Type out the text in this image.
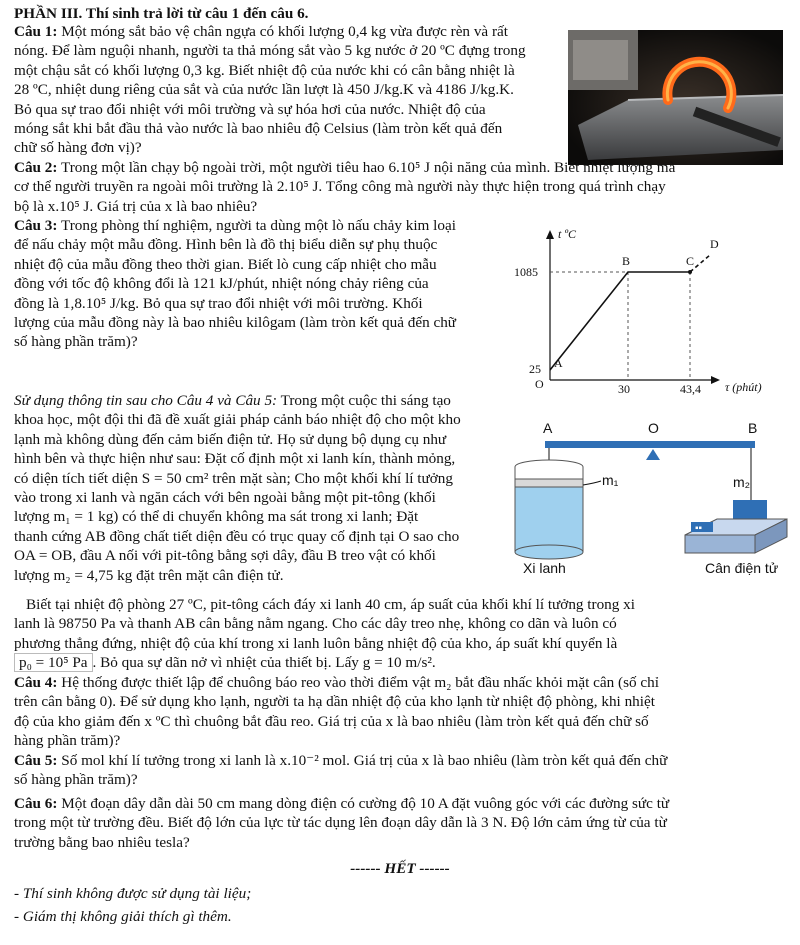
PHẦN III. Thí sinh trả lời từ câu 1 đến câu 6.
Câu 1: Một móng sắt bảo vệ chân ngựa có khối lượng 0,4 kg vừa được rèn và rất
nóng. Để làm nguội nhanh, người ta thả móng sắt vào 5 kg nước ở 20 ºC đựng trong
một chậu sắt có khối lượng 0,3 kg. Biết nhiệt độ của nước khi có cân bằng nhiệt là
28 ºC, nhiệt dung riêng của sắt và của nước lần lượt là 450 J/kg.K và 4186 J/kg.K.
Bỏ qua sự trao đổi nhiệt với môi trường và sự hóa hơi của nước. Nhiệt độ của
móng sắt khi bắt đầu thả vào nước là bao nhiêu độ Celsius (làm tròn kết quả đến
chữ số hàng đơn vị)?
Câu 2: Trong một lần chạy bộ ngoài trời, một người tiêu hao 6.10⁵ J nội năng của mình. Biết nhiệt lượng mà
cơ thể người truyền ra ngoài môi trường là 2.10⁵ J. Tổng công mà người này thực hiện trong quá trình chạy
bộ là x.10⁵ J. Giá trị của x là bao nhiêu?
Câu 3: Trong phòng thí nghiệm, người ta dùng một lò nấu chảy kim loại
để nấu chảy một mẫu đồng. Hình bên là đồ thị biểu diễn sự phụ thuộc
nhiệt độ của mẫu đồng theo thời gian. Biết lò cung cấp nhiệt cho mẫu
đồng với tốc độ không đổi là 121 kJ/phút, nhiệt nóng chảy riêng của
đồng là 1,8.10⁵ J/kg. Bỏ qua sự trao đổi nhiệt với môi trường. Khối
lượng của mẫu đồng này là bao nhiêu kilôgam (làm tròn kết quả đến chữ
số hàng phần trăm)?
t ºC
τ (phút)
O
1085
25
30	43,4
A
B	C
D
Sử dụng thông tin sau cho Câu 4 và Câu 5: Trong một cuộc thi sáng tạo
khoa học, một đội thi đã đề xuất giải pháp cảnh báo nhiệt độ cho một kho
lạnh mà không dùng đến cảm biến điện tử. Họ sử dụng bộ dụng cụ như
hình bên và thực hiện như sau: Đặt cố định một xi lanh kín, thành mỏng,
có diện tích tiết diện S = 50 cm² trên mặt sàn; Cho một khối khí lí tưởng
vào trong xi lanh và ngăn cách với bên ngoài bằng một pit-tông (khối
lượng m₁ = 1 kg) có thể di chuyển không ma sát trong xi lanh; Đặt
thanh cứng AB đồng chất tiết diện đều có trục quay cố định tại O sao cho
OA = OB, đầu A nối với pit-tông bằng sợi dây, đầu B treo vật có khối
lượng m₂ = 4,75 kg đặt trên mặt cân điện tử.
A	O	B
m₁	m₂
▪▪
Xi lanh	Cân điện tử
Biết tại nhiệt độ phòng 27 ºC, pit-tông cách đáy xi lanh 40 cm, áp suất của khối khí lí tưởng trong xi
lanh là 98750 Pa và thanh AB cân bằng nằm ngang. Cho các dây treo nhẹ, không co dãn và luôn có
phương thẳng đứng, nhiệt độ của khí trong xi lanh luôn bằng nhiệt độ của kho, áp suất khí quyển là
p₀ = 10⁵ Pa . Bỏ qua sự dãn nở vì nhiệt của thiết bị. Lấy g = 10 m/s².
Câu 4: Hệ thống được thiết lập để chuông báo reo vào thời điểm vật m₂ bắt đầu nhấc khỏi mặt cân (số chỉ
trên cân bằng 0). Để sử dụng kho lạnh, người ta hạ dần nhiệt độ của kho lạnh từ nhiệt độ phòng, khi nhiệt
độ của kho giảm đến x ºC thì chuông bắt đầu reo. Giá trị của x là bao nhiêu (làm tròn kết quả đến chữ số
hàng phần trăm)?
Câu 5: Số mol khí lí tưởng trong xi lanh là x.10⁻² mol. Giá trị của x là bao nhiêu (làm tròn kết quả đến chữ
số hàng phần trăm)?
Câu 6: Một đoạn dây dẫn dài 50 cm mang dòng điện có cường độ 10 A đặt vuông góc với các đường sức từ
trong một từ trường đều. Biết độ lớn của lực từ tác dụng lên đoạn dây dẫn là 3 N. Độ lớn cảm ứng từ của từ
trường bằng bao nhiêu tesla?
------ HẾT ------
- Thí sinh không được sử dụng tài liệu;
- Giám thị không giải thích gì thêm.
